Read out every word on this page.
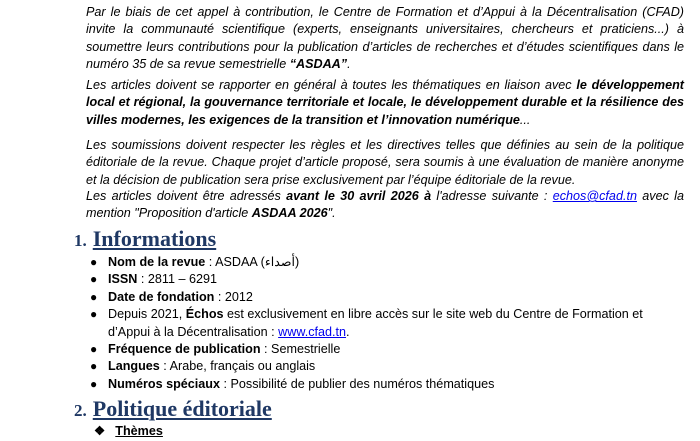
Par le biais de cet appel à contribution, le Centre de Formation et d’Appui à la Décentralisation (CFAD) invite la communauté scientifique (experts, enseignants universitaires, chercheurs et praticiens...) à soumettre leurs contributions pour la publication d’articles de recherches et d’études scientifiques dans le numéro 35 de sa revue semestrielle “ASDAA”.

Les articles doivent se rapporter en général à toutes les thématiques en liaison avec le développement local et régional, la gouvernance territoriale et locale, le développement durable et la résilience des villes modernes, les exigences de la transition et l’innovation numérique...

Les soumissions doivent respecter les règles et les directives telles que définies au sein de la politique éditoriale de la revue. Chaque projet d’article proposé, sera soumis à une évaluation de manière anonyme et la décision de publication sera prise exclusivement par l’équipe éditoriale de la revue.

Les articles doivent être adressés avant le 30 avril 2026 à l'adresse suivante : echos@cfad.tn avec la mention "Proposition d'article ASDAA 2026".

1. Informations
● Nom de la revue : ASDAA (أصداء)
● ISSN : 2811 – 6291
● Date de fondation : 2012
● Depuis 2021, Échos est exclusivement en libre accès sur le site web du Centre de Formation et d’Appui à la Décentralisation : www.cfad.tn.
● Fréquence de publication : Semestrielle
● Langues : Arabe, français ou anglais
● Numéros spéciaux : Possibilité de publier des numéros thématiques
2. Politique éditoriale
❖ Thèmes
